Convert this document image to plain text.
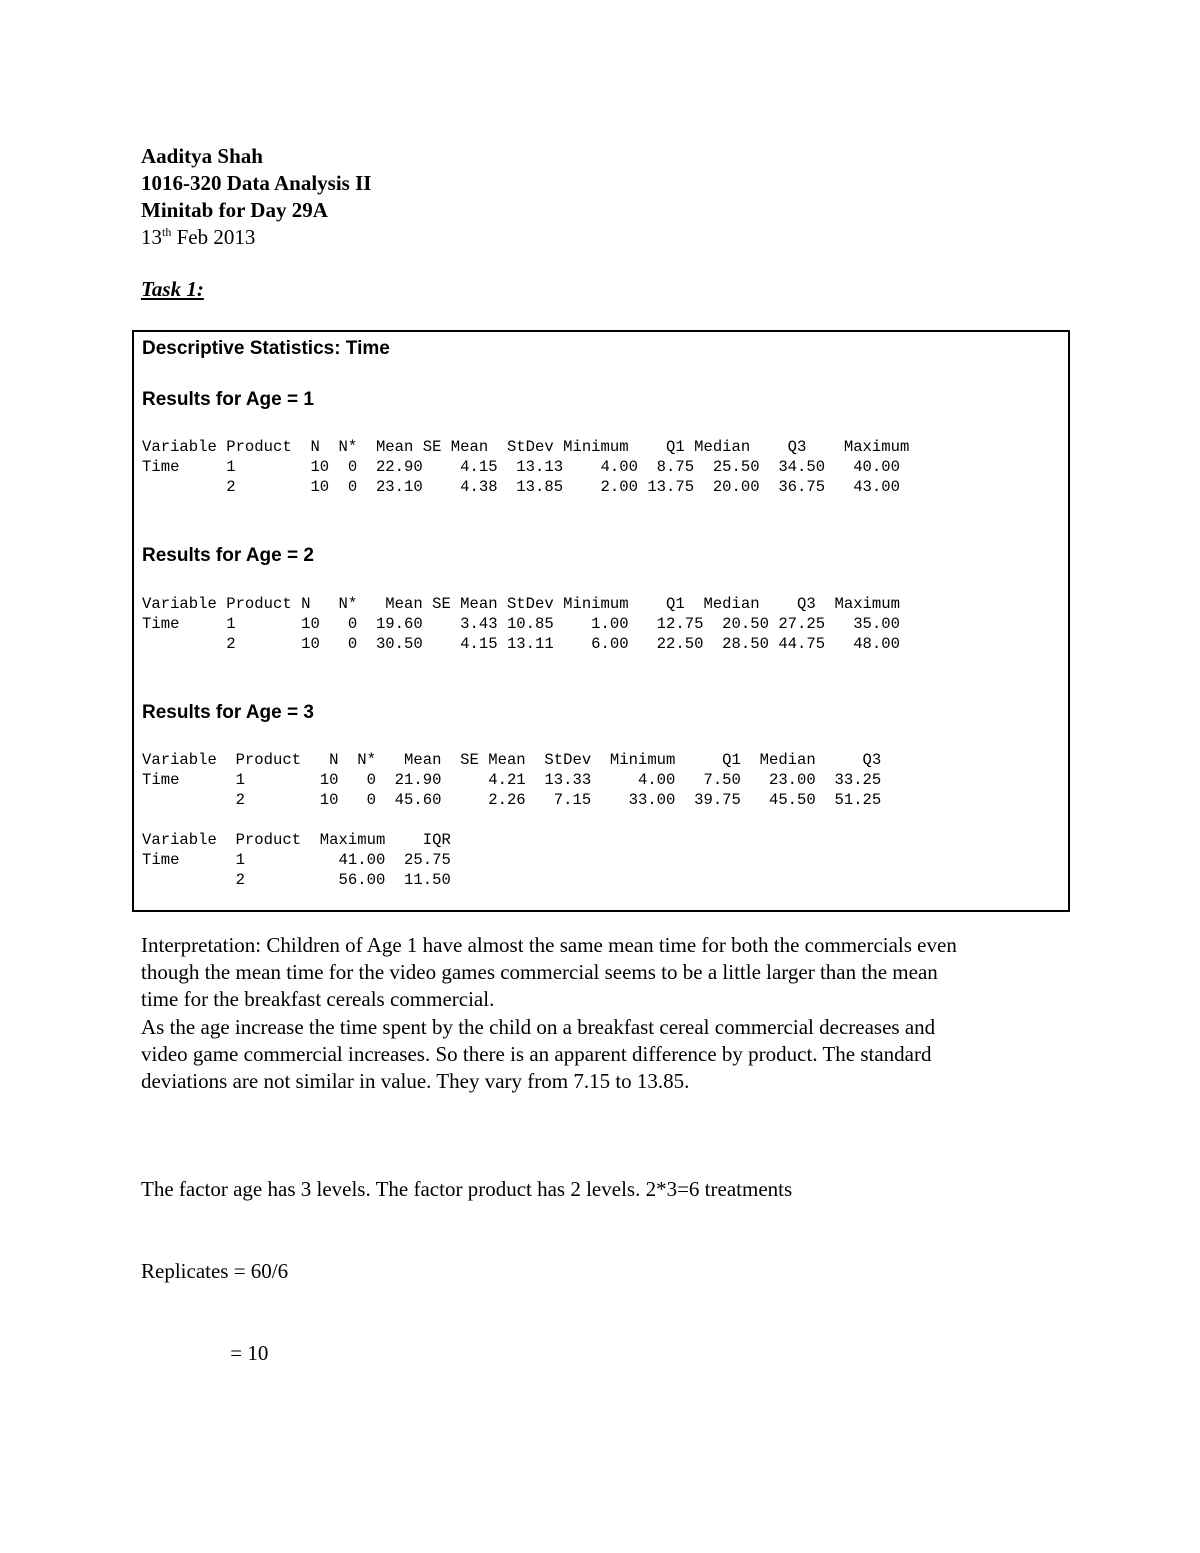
Aaditya Shah
1016-320 Data Analysis II
Minitab for Day 29A
13th Feb 2013
Task 1:
Descriptive Statistics: Time
Results for Age = 1
Variable Product  N  N*  Mean SE Mean  StDev Minimum    Q1 Median    Q3    Maximum
Time     1        10  0  22.90    4.15  13.13    4.00  8.75  25.50  34.50   40.00
2        10  0  23.10    4.38  13.85    2.00 13.75  20.00  36.75   43.00
Results for Age = 2
Variable Product N   N*   Mean SE Mean StDev Minimum    Q1  Median    Q3  Maximum
Time     1       10   0  19.60    3.43 10.85    1.00   12.75  20.50 27.25   35.00
2       10   0  30.50    4.15 13.11    6.00   22.50  28.50 44.75   48.00
Results for Age = 3
Variable  Product   N  N*   Mean  SE Mean  StDev  Minimum     Q1  Median     Q3
Time      1        10   0  21.90     4.21  13.33     4.00   7.50   23.00  33.25
2        10   0  45.60     2.26   7.15    33.00  39.75   45.50  51.25

Variable  Product  Maximum    IQR
Time      1          41.00  25.75
2          56.00  11.50

Interpretation: Children of Age 1 have almost the same mean time for both the commercials even

though the mean time for the video games commercial seems to be a little larger than the mean

time for the breakfast cereals commercial.

As the age increase the time spent by the child on a breakfast cereal commercial decreases and

video game commercial increases. So there is an apparent difference by product. The standard

deviations are not similar in value. They vary from 7.15 to 13.85.

The factor age has 3 levels. The factor product has 2 levels. 2*3=6 treatments

Replicates = 60/6

= 10
